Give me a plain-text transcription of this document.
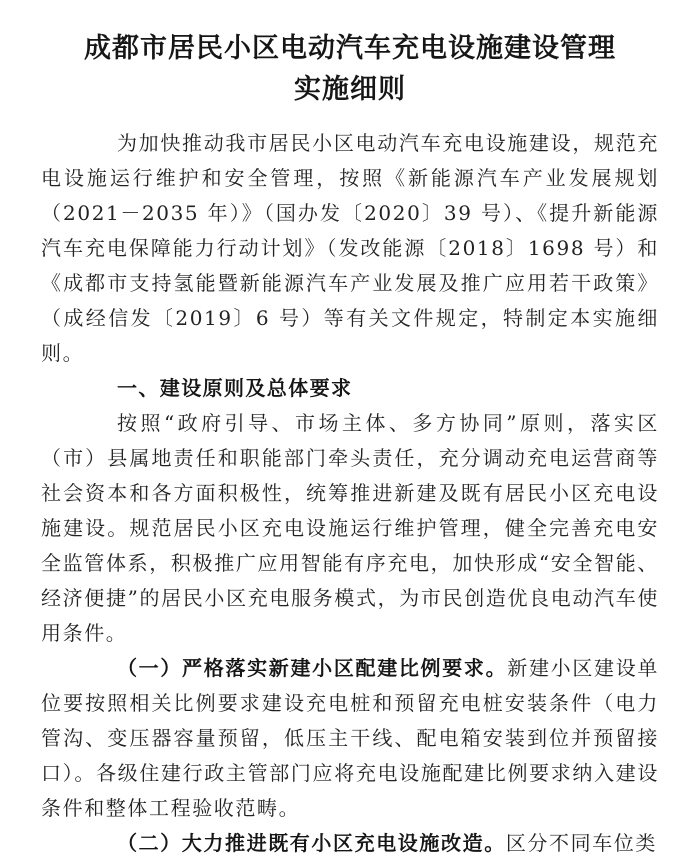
成都市居民小区电动汽车充电设施建设管理
实施细则

为加快推动我市居民小区电动汽车充电设施建设，规范充电设施运行维护和安全管理，按照《新能源汽车产业发展规划（2021－2035 年）》（国办发〔2020〕39 号）、《提升新能源汽车充电保障能力行动计划》（发改能源〔2018〕1698 号）和《成都市支持氢能暨新能源汽车产业发展及推广应用若干政策》（成经信发〔2019〕6 号）等有关文件规定，特制定本实施细则。

一、建设原则及总体要求

按照“政府引导、市场主体、多方协同”原则，落实区（市）县属地责任和职能部门牵头责任，充分调动充电运营商等社会资本和各方面积极性，统筹推进新建及既有居民小区充电设施建设。规范居民小区充电设施运行维护管理，健全完善充电安全监管体系，积极推广应用智能有序充电，加快形成“安全智能、经济便捷”的居民小区充电服务模式，为市民创造优良电动汽车使用条件。

（一）严格落实新建小区配建比例要求。新建小区建设单位要按照相关比例要求建设充电桩和预留充电桩安装条件（电力管沟、变压器容量预留，低压主干线、配电箱安装到位并预留接口）。各级住建行政主管部门应将充电设施配建比例要求纳入建设条件和整体工程验收范畴。

（二）大力推进既有小区充电设施改造。区分不同车位类
